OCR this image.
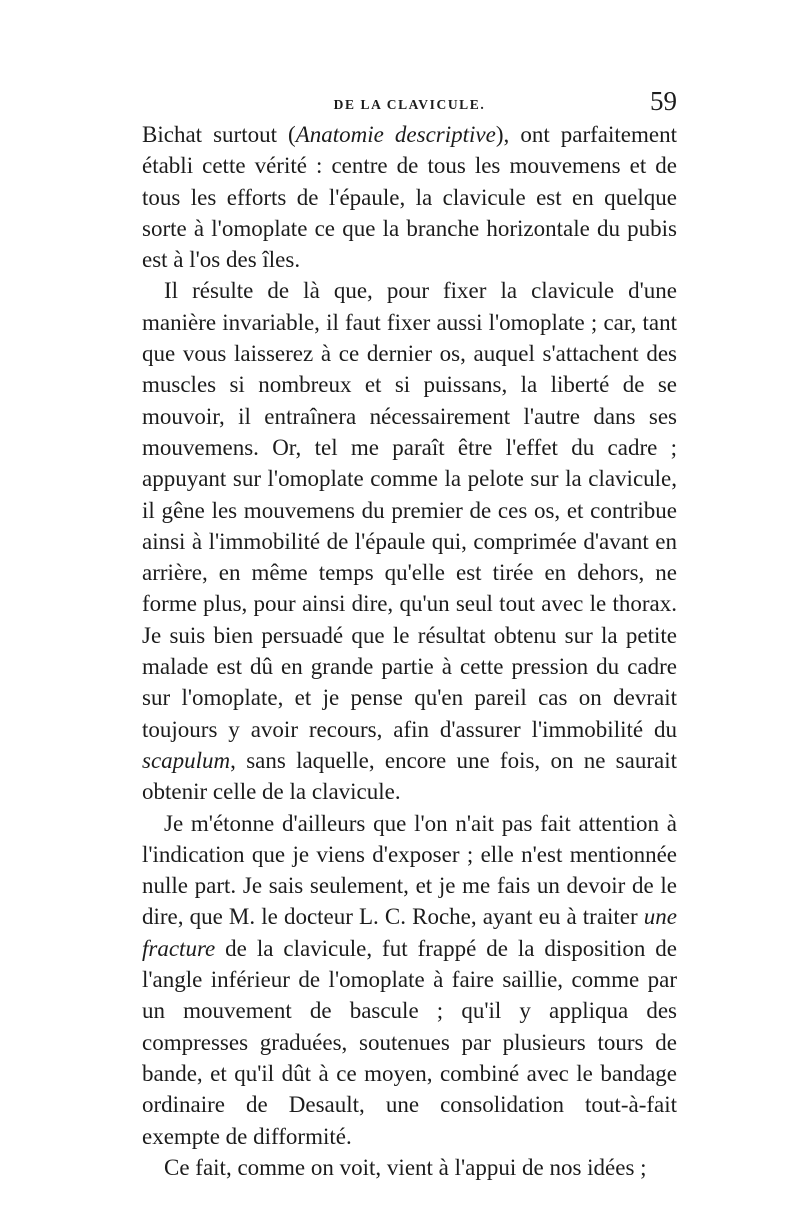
DE LA CLAVICULE.	59

Bichat surtout (Anatomie descriptive), ont parfaitement établi cette vérité : centre de tous les mouvemens et de tous les efforts de l'épaule, la clavicule est en quelque sorte à l'omoplate ce que la branche horizontale du pubis est à l'os des îles.

Il résulte de là que, pour fixer la clavicule d'une manière invariable, il faut fixer aussi l'omoplate ; car, tant que vous laisserez à ce dernier os, auquel s'attachent des muscles si nombreux et si puissans, la liberté de se mouvoir, il entraînera nécessairement l'autre dans ses mouvemens. Or, tel me paraît être l'effet du cadre ; appuyant sur l'omoplate comme la pelote sur la clavicule, il gêne les mouvemens du premier de ces os, et contribue ainsi à l'immobilité de l'épaule qui, comprimée d'avant en arrière, en même temps qu'elle est tirée en dehors, ne forme plus, pour ainsi dire, qu'un seul tout avec le thorax. Je suis bien persuadé que le résultat obtenu sur la petite malade est dû en grande partie à cette pression du cadre sur l'omoplate, et je pense qu'en pareil cas on devrait toujours y avoir recours, afin d'assurer l'immobilité du scapulum, sans laquelle, encore une fois, on ne saurait obtenir celle de la clavicule.

Je m'étonne d'ailleurs que l'on n'ait pas fait attention à l'indication que je viens d'exposer ; elle n'est mentionnée nulle part. Je sais seulement, et je me fais un devoir de le dire, que M. le docteur L. C. Roche, ayant eu à traiter une fracture de la clavicule, fut frappé de la disposition de l'angle inférieur de l'omoplate à faire saillie, comme par un mouvement de bascule ; qu'il y appliqua des compresses graduées, soutenues par plusieurs tours de bande, et qu'il dût à ce moyen, combiné avec le bandage ordinaire de Desault, une consolidation tout-à-fait exempte de difformité.

Ce fait, comme on voit, vient à l'appui de nos idées ;
